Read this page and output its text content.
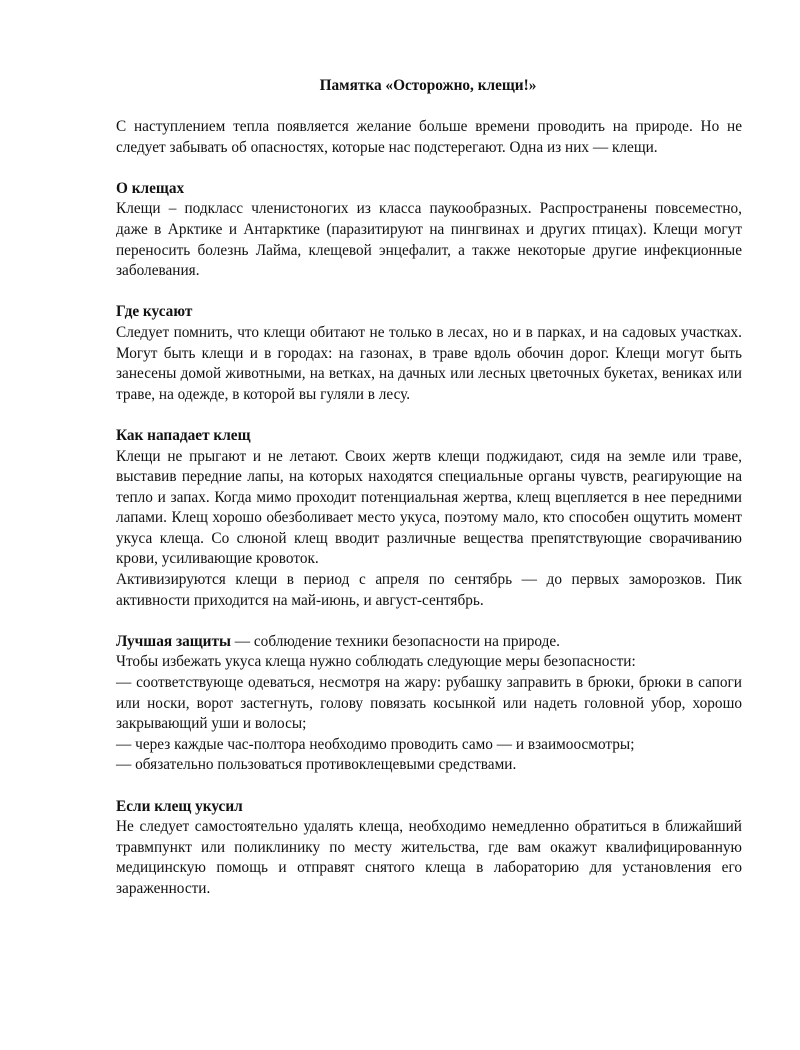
Памятка «Осторожно, клещи!»

С наступлением тепла появляется желание больше времени проводить на природе. Но не следует забывать об опасностях, которые нас подстерегают. Одна из них — клещи.

О клещах

Клещи – подкласс членистоногих из класса паукообразных. Распространены повсеместно, даже в Арктике и Антарктике (паразитируют на пингвинах и других птицах). Клещи могут переносить болезнь Лайма, клещевой энцефалит, а также некоторые другие инфекционные заболевания.

Где кусают

Следует помнить, что клещи обитают не только в лесах, но и в парках, и на садовых участках. Могут быть клещи и в городах: на газонах, в траве вдоль обочин дорог. Клещи могут быть занесены домой животными, на ветках, на дачных или лесных цветочных букетах, вениках или траве, на одежде, в которой вы гуляли в лесу.

Как нападает клещ

Клещи не прыгают и не летают. Своих жертв клещи поджидают, сидя на земле или траве, выставив передние лапы, на которых находятся специальные органы чувств, реагирующие на тепло и запах. Когда мимо проходит потенциальная жертва, клещ вцепляется в нее передними лапами. Клещ хорошо обезболивает место укуса, поэтому мало, кто способен ощутить момент укуса клеща. Со слюной клещ вводит различные вещества препятствующие сворачиванию крови, усиливающие кровоток.

Активизируются клещи в период с апреля по сентябрь — до первых заморозков. Пик активности приходится на май-июнь, и август-сентябрь.

Лучшая защиты — соблюдение техники безопасности на природе.

Чтобы избежать укуса клеща нужно соблюдать следующие меры безопасности:

— соответствующе одеваться, несмотря на жару: рубашку заправить в брюки, брюки в сапоги или носки, ворот застегнуть, голову повязать косынкой или надеть головной убор, хорошо закрывающий уши и волосы;

— через каждые час-полтора необходимо проводить само — и взаимоосмотры;

— обязательно пользоваться противоклещевыми средствами.

Если клещ укусил

Не следует самостоятельно удалять клеща, необходимо немедленно обратиться в ближайший травмпункт или поликлинику по месту жительства, где вам окажут квалифицированную медицинскую помощь и отправят снятого клеща в лабораторию для установления его зараженности.
